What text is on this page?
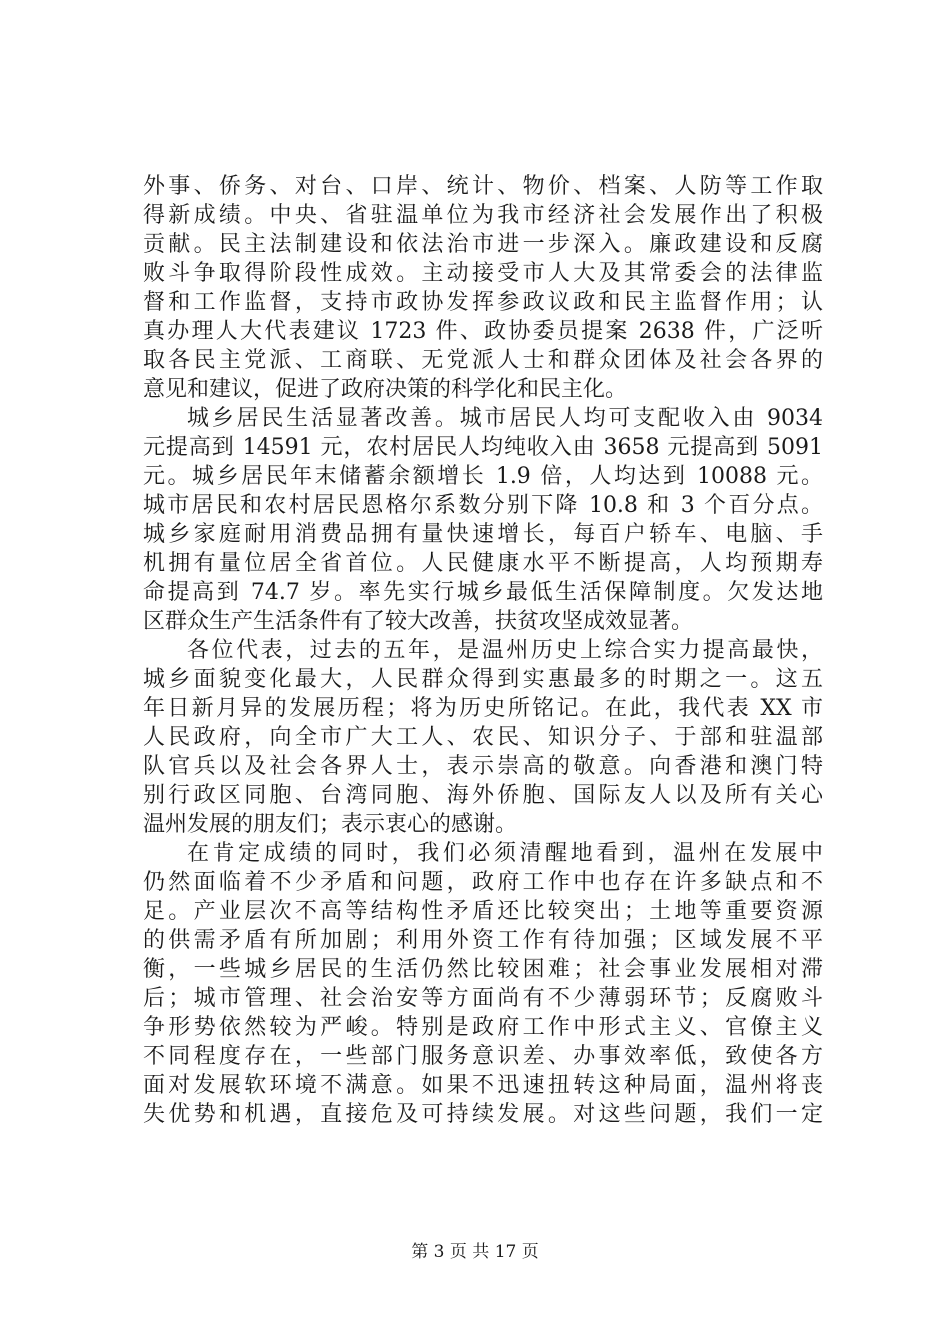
外事、侨务、对台、口岸、统计、物价、档案、人防等工作取
得新成绩。中央、省驻温单位为我市经济社会发展作出了积极
贡献。民主法制建设和依法治市进一步深入。廉政建设和反腐
败斗争取得阶段性成效。主动接受市人大及其常委会的法律监
督和工作监督，支持市政协发挥参政议政和民主监督作用；认
真办理人大代表建议 1723 件、政协委员提案 2638 件，广泛听
取各民主党派、工商联、无党派人士和群众团体及社会各界的
意见和建议，促进了政府决策的科学化和民主化。
城乡居民生活显著改善。城市居民人均可支配收入由 9034
元提高到 14591 元，农村居民人均纯收入由 3658 元提高到 5091
元。城乡居民年末储蓄余额增长 1.9 倍，人均达到 10088 元。
城市居民和农村居民恩格尔系数分别下降 10.8 和 3 个百分点。
城乡家庭耐用消费品拥有量快速增长，每百户轿车、电脑、手
机拥有量位居全省首位。人民健康水平不断提高，人均预期寿
命提高到 74.7 岁。率先实行城乡最低生活保障制度。欠发达地
区群众生产生活条件有了较大改善，扶贫攻坚成效显著。
各位代表，过去的五年，是温州历史上综合实力提高最快，
城乡面貌变化最大，人民群众得到实惠最多的时期之一。这五
年日新月异的发展历程；将为历史所铭记。在此，我代表 XX 市
人民政府，向全市广大工人、农民、知识分子、于部和驻温部
队官兵以及社会各界人士，表示崇高的敬意。向香港和澳门特
别行政区同胞、台湾同胞、海外侨胞、国际友人以及所有关心
温州发展的朋友们；表示衷心的感谢。
在肯定成绩的同时，我们必须清醒地看到，温州在发展中
仍然面临着不少矛盾和问题，政府工作中也存在许多缺点和不
足。产业层次不高等结构性矛盾还比较突出；土地等重要资源
的供需矛盾有所加剧；利用外资工作有待加强；区域发展不平
衡，一些城乡居民的生活仍然比较困难；社会事业发展相对滞
后；城市管理、社会治安等方面尚有不少薄弱环节；反腐败斗
争形势依然较为严峻。特别是政府工作中形式主义、官僚主义
不同程度存在，一些部门服务意识差、办事效率低，致使各方
面对发展软环境不满意。如果不迅速扭转这种局面，温州将丧
失优势和机遇，直接危及可持续发展。对这些问题，我们一定
第 3 页 共 17 页
